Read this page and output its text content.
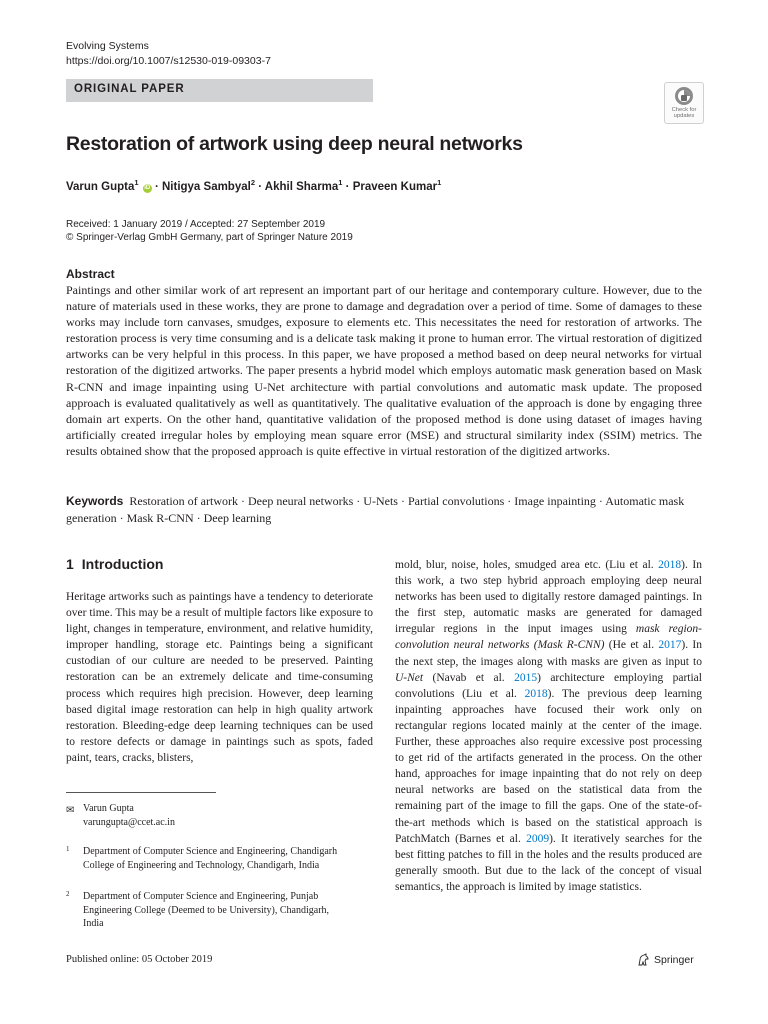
Evolving Systems
https://doi.org/10.1007/s12530-019-09303-7
ORIGINAL PAPER
Check for updates
Restoration of artwork using deep neural networks
Varun Gupta$^1$ iD · Nitigya Sambyal$^2$ · Akhil Sharma$^1$ · Praveen Kumar$^1$
Received: 1 January 2019 / Accepted: 27 September 2019
© Springer-Verlag GmbH Germany, part of Springer Nature 2019
Abstract
Paintings and other similar work of art represent an important part of our heritage and contemporary culture. However, due to the nature of materials used in these works, they are prone to damage and degradation over a period of time. Some of damages to these works may include torn canvases, smudges, exposure to elements etc. This necessitates the need for restoration of artworks. The restoration process is very time consuming and is a delicate task making it prone to human error. The virtual restoration of digitized artworks can be very helpful in this process. In this paper, we have proposed a method based on deep neural networks for virtual restoration of the digitized artworks. The paper presents a hybrid model which employs automatic mask generation based on Mask R-CNN and image inpainting using U-Net architecture with partial convolutions and automatic mask update. The proposed approach is evaluated qualitatively as well as quantitatively. The qualitative evaluation of the approach is done by engaging three domain art experts. On the other hand, quantitative validation of the proposed method is done using dataset of images having artificially created irregular holes by employing mean square error (MSE) and structural similarity index (SSIM) metrics. The results obtained show that the proposed approach is quite effective in virtual restoration of the digitized artworks.
Keywords Restoration of artwork · Deep neural networks · U-Nets · Partial convolutions · Image inpainting · Automatic mask generation · Mask R-CNN · Deep learning
1 Introduction
Heritage artworks such as paintings have a tendency to deteriorate over time. This may be a result of multiple factors like exposure to light, changes in temperature, environment, and relative humidity, improper handling, storage etc. Paintings being a significant custodian of our culture are needed to be preserved. Painting restoration can be an extremely delicate and time-consuming process which requires high precision. However, deep learning based digital image restoration can help in high quality artwork restoration. Bleeding-edge deep learning techniques can be used to restore defects or damage in paintings such as spots, faded paint, tears, cracks, blisters,
mold, blur, noise, holes, smudged area etc. (Liu et al. 2018). In this work, a two step hybrid approach employing deep neural networks has been used to digitally restore damaged paintings. In the first step, automatic masks are generated for damaged irregular regions in the input images using mask region-convolution neural networks (Mask R-CNN) (He et al. 2017). In the next step, the images along with masks are given as input to U-Net (Navab et al. 2015) architecture employing partial convolutions (Liu et al. 2018). The previous deep learning inpainting approaches have focused their work only on rectangular regions located mainly at the center of the image. Further, these approaches also require excessive post processing to get rid of the artifacts generated in the process. On the other hand, approaches for image inpainting that do not rely on deep neural networks are based on the statistical data from the remaining part of the image to fill the gaps. One of the state-of-the-art methods which is based on the statistical approach is PatchMatch (Barnes et al. 2009). It iteratively searches for the best fitting patches to fill in the holes and the results produced are generally smooth. But due to the lack of the concept of visual semantics, the approach is limited by image statistics.
✉ Varun Gupta
varungupta@ccet.ac.in
1 Department of Computer Science and Engineering, Chandigarh College of Engineering and Technology, Chandigarh, India
2 Department of Computer Science and Engineering, Punjab Engineering College (Deemed to be University), Chandigarh, India
Published online: 05 October 2019	Springer
